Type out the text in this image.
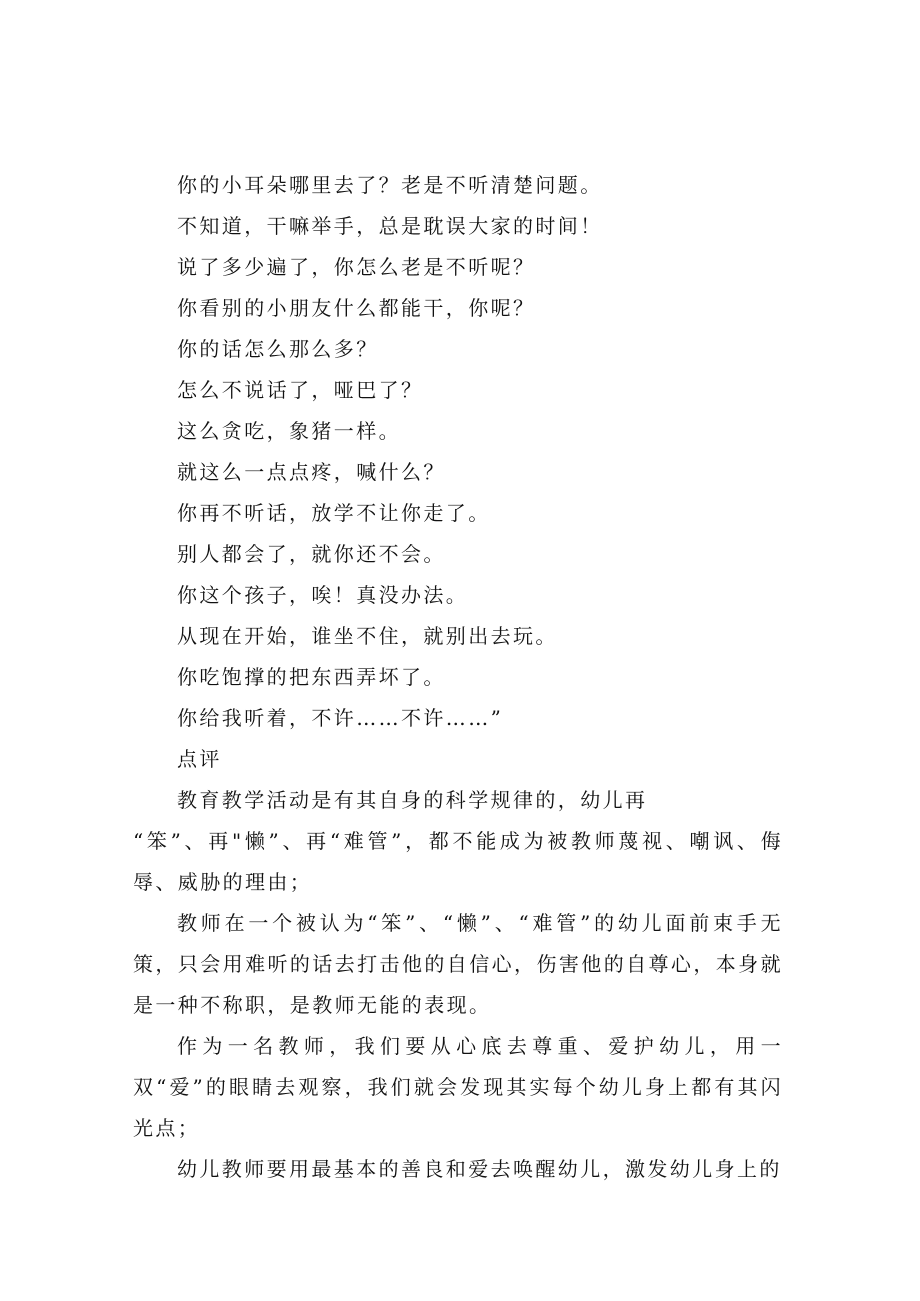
你的小耳朵哪里去了？老是不听清楚问题。

不知道，干嘛举手，总是耽误大家的时间！

说了多少遍了，你怎么老是不听呢？

你看别的小朋友什么都能干，你呢？

你的话怎么那么多？

怎么不说话了，哑巴了？

这么贪吃，象猪一样。

就这么一点点疼，喊什么？

你再不听话，放学不让你走了。

别人都会了，就你还不会。

你这个孩子，唉！真没办法。

从现在开始，谁坐不住，就别出去玩。

你吃饱撑的把东西弄坏了。

你给我听着，不许……不许……”

点评

教育教学活动是有其自身的科学规律的，幼儿再

“笨”、再"懒”、再“难管”，都不能成为被教师蔑视、嘲讽、侮辱、威胁的理由；

教师在一个被认为“笨”、“懒”、“难管”的幼儿面前束手无策，只会用难听的话去打击他的自信心，伤害他的自尊心，本身就是一种不称职，是教师无能的表现。

作为一名教师，我们要从心底去尊重、爱护幼儿，用一双“爱”的眼睛去观察，我们就会发现其实每个幼儿身上都有其闪光点；

幼儿教师要用最基本的善良和爱去唤醒幼儿，激发幼儿身上的
